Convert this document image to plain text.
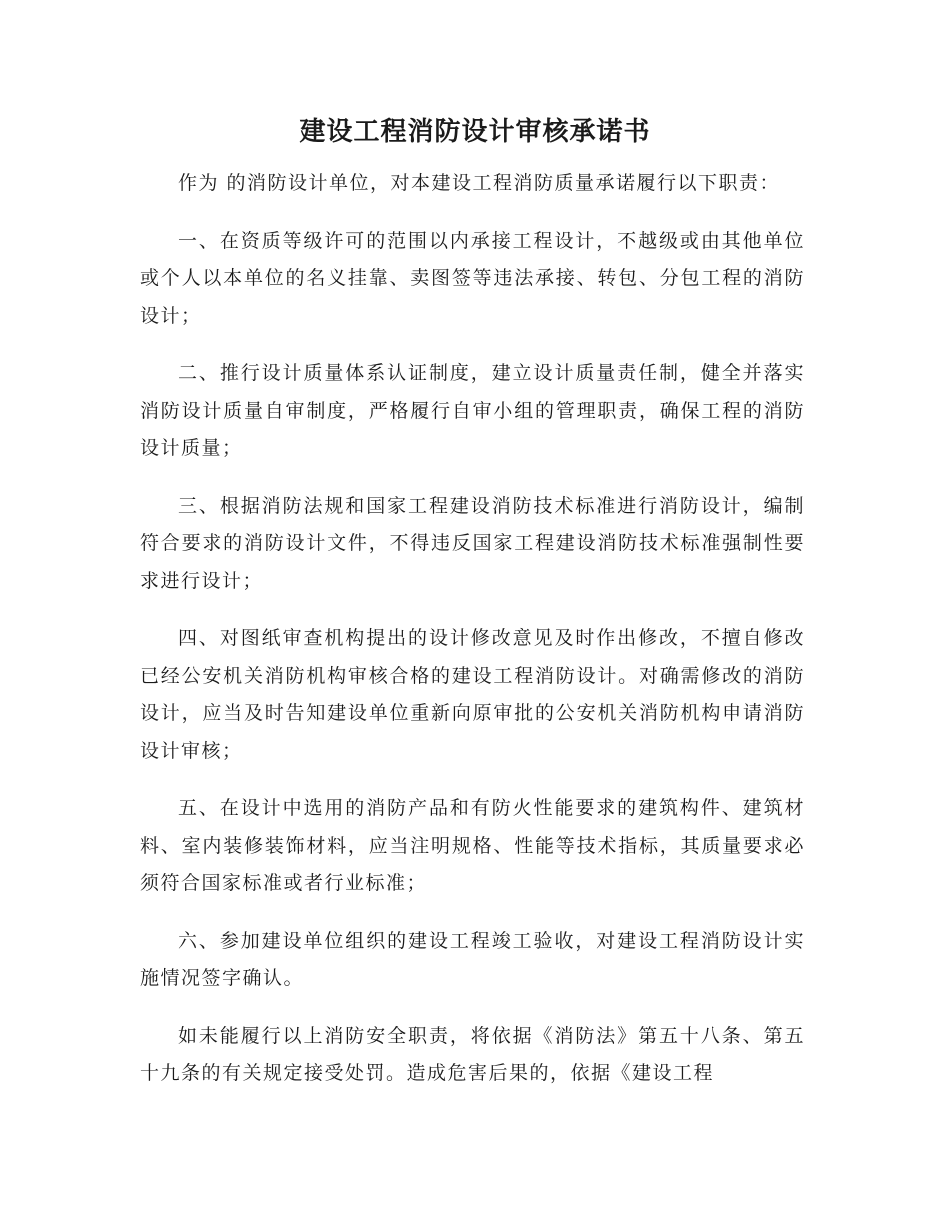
建设工程消防设计审核承诺书

作为 的消防设计单位，对本建设工程消防质量承诺履行以下职责：

一、在资质等级许可的范围以内承接工程设计，不越级或由其他单位或个人以本单位的名义挂靠、卖图签等违法承接、转包、分包工程的消防设计；

二、推行设计质量体系认证制度，建立设计质量责任制，健全并落实消防设计质量自审制度，严格履行自审小组的管理职责，确保工程的消防设计质量；

三、根据消防法规和国家工程建设消防技术标准进行消防设计，编制符合要求的消防设计文件，不得违反国家工程建设消防技术标准强制性要求进行设计；

四、对图纸审查机构提出的设计修改意见及时作出修改，不擅自修改已经公安机关消防机构审核合格的建设工程消防设计。对确需修改的消防设计，应当及时告知建设单位重新向原审批的公安机关消防机构申请消防设计审核；

五、在设计中选用的消防产品和有防火性能要求的建筑构件、建筑材料、室内装修装饰材料，应当注明规格、性能等技术指标，其质量要求必须符合国家标准或者行业标准；

六、参加建设单位组织的建设工程竣工验收，对建设工程消防设计实施情况签字确认。

如未能履行以上消防安全职责，将依据《消防法》第五十八条、第五十九条的有关规定接受处罚。造成危害后果的，依据《建设工程
